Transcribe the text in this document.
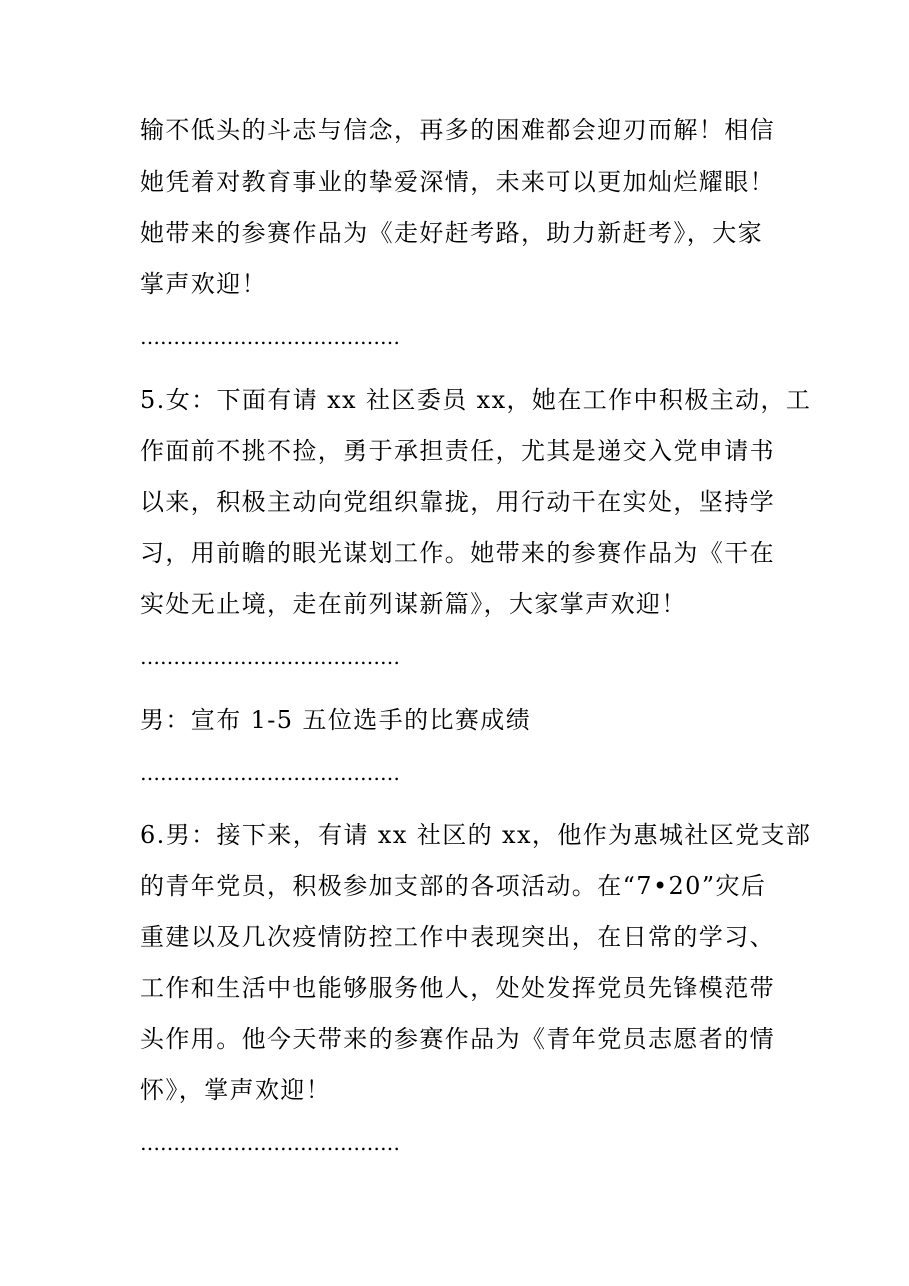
输不低头的斗志与信念，再多的困难都会迎刃而解！相信
她凭着对教育事业的挚爱深情，未来可以更加灿烂耀眼！
她带来的参赛作品为《走好赶考路，助力新赶考》，大家
掌声欢迎！
…………………………………
5.女：下面有请 xx 社区委员 xx，她在工作中积极主动，工
作面前不挑不捡，勇于承担责任，尤其是递交入党申请书
以来，积极主动向党组织靠拢，用行动干在实处，坚持学
习，用前瞻的眼光谋划工作。她带来的参赛作品为《干在
实处无止境，走在前列谋新篇》，大家掌声欢迎！
…………………………………
男：宣布 1-5 五位选手的比赛成绩
…………………………………
6.男：接下来，有请 xx 社区的 xx，他作为惠城社区党支部
的青年党员，积极参加支部的各项活动。在“7•20”灾后
重建以及几次疫情防控工作中表现突出，在日常的学习、
工作和生活中也能够服务他人，处处发挥党员先锋模范带
头作用。他今天带来的参赛作品为《青年党员志愿者的情
怀》，掌声欢迎！
…………………………………
